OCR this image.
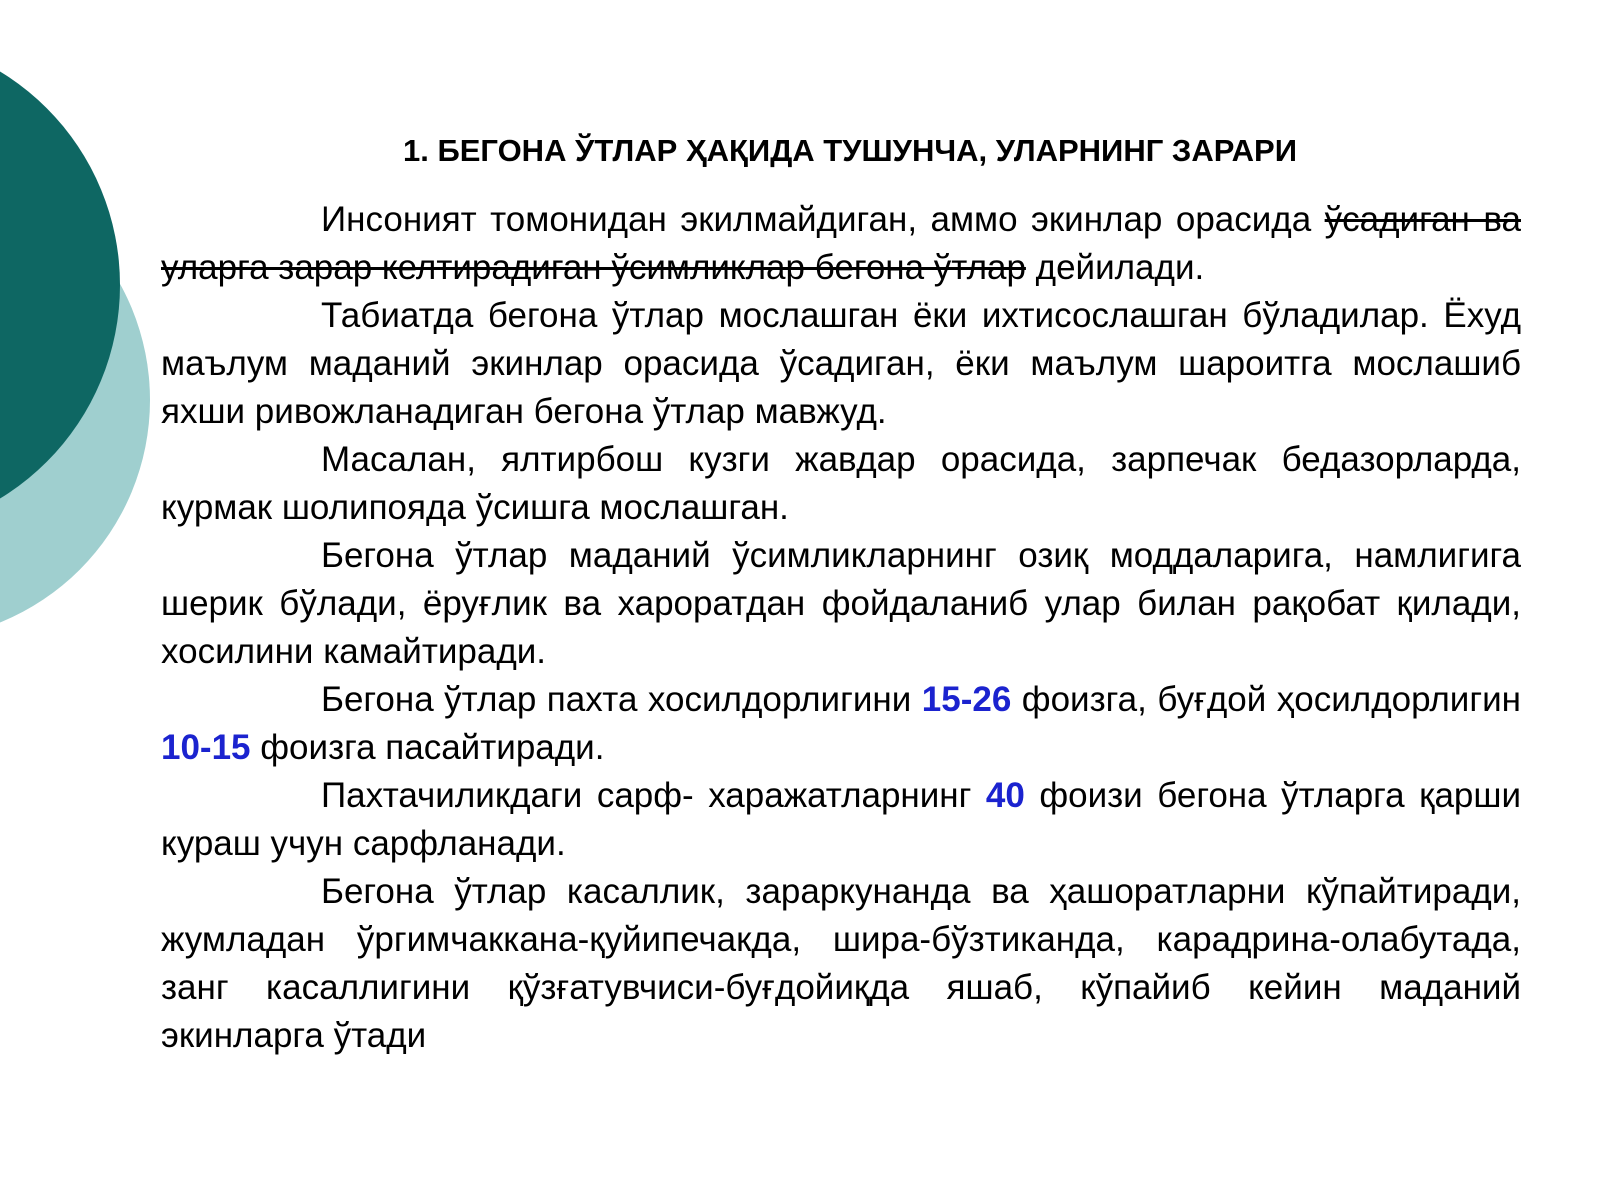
1. БЕГОНА ЎТЛАР ҲАҚИДА ТУШУНЧА, УЛАРНИНГ ЗАРАРИ

Инсоният томонидан экилмайдиган, аммо экинлар орасида ўсадиган ва уларга зарар келтирадиган ўсимликлар бегона ўтлар дейилади.

Табиатда бегона ўтлар мослашган ёки ихтисослашган бўладилар. Ёхуд маълум маданий экинлар орасида ўсадиган, ёки маълум шароитга мослашиб яхши ривожланадиган бегона ўтлар мавжуд.

Масалан, ялтирбош кузги жавдар орасида, зарпечак бедазорларда, курмак шолипояда ўсишга мослашган.

Бегона ўтлар маданий ўсимликларнинг озиқ моддаларига, намлигига шерик бўлади, ёруғлик ва хароратдан фойдаланиб улар билан рақобат қилади, хосилини камайтиради.

Бегона ўтлар пахта хосилдорлигини 15-26 фоизга, буғдой ҳосилдорлигин 10-15 фоизга пасайтиради.

Пахтачиликдаги сарф- харажатларнинг 40 фоизи бегона ўтларга қарши кураш учун сарфланади.

Бегона ўтлар касаллик, зараркунанда ва ҳашоратларни кўпайтиради, жумладан ўргимчаккана-қуйипечакда, шира-бўзтиканда, карадрина-олабутада, занг касаллигини қўзғатувчиси-буғдойиқда яшаб, кўпайиб кейин маданий экинларга ўтади
